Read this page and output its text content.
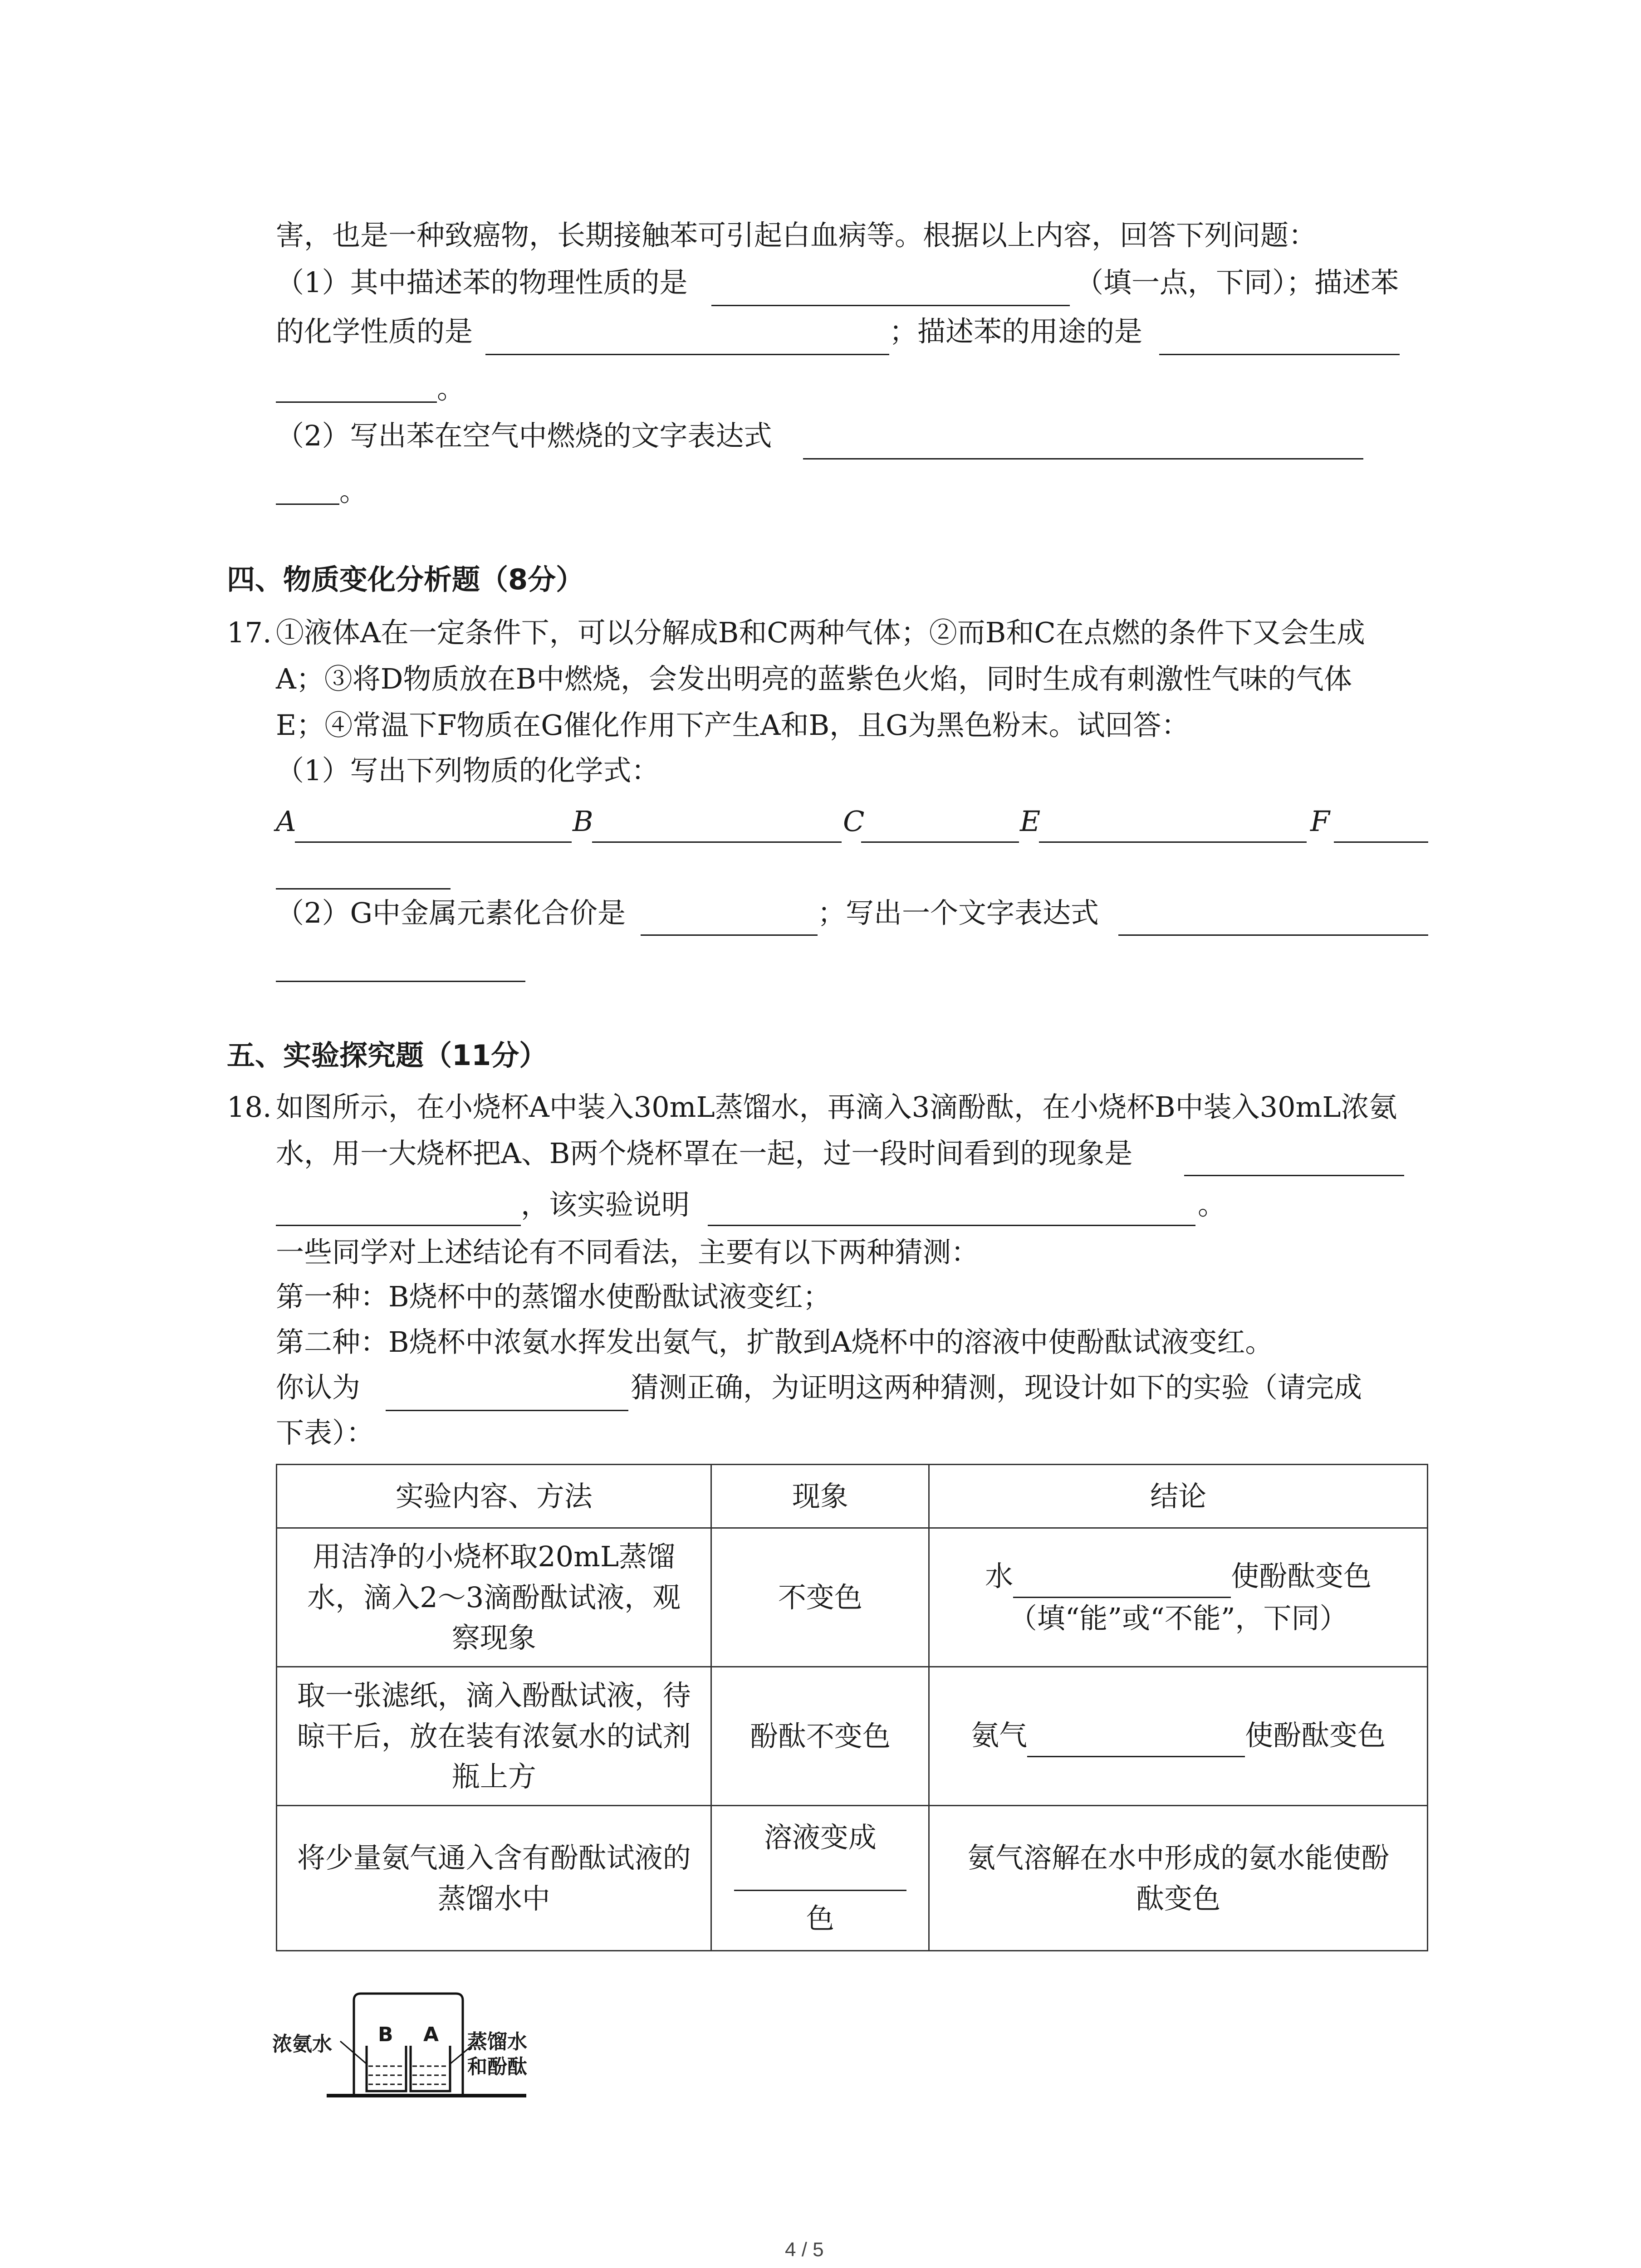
害，也是一种致癌物，长期接触苯可引起白血病等。根据以上内容，回答下列问题：
（1）其中描述苯的物理性质的是	（填一点，下同）；描述苯
的化学性质的是	；描述苯的用途的是
。
（2）写出苯在空气中燃烧的文字表达式
。
四、物质变化分析题（8分）
17. ①液体A在一定条件下，可以分解成B和C两种气体；②而B和C在点燃的条件下又会生成
A；③将D物质放在B中燃烧，会发出明亮的蓝紫色火焰，同时生成有刺激性气味的气体
E；④常温下F物质在G催化作用下产生A和B，且G为黑色粉末。试回答：
（1）写出下列物质的化学式：
A	B	C	E	F
（2）G中金属元素化合价是	；写出一个文字表达式
五、实验探究题（11分）
18. 如图所示，在小烧杯A中装入30mL蒸馏水，再滴入3滴酚酞，在小烧杯B中装入30mL浓氨
水，用一大烧杯把A、B两个烧杯罩在一起，过一段时间看到的现象是
，该实验说明	。
一些同学对上述结论有不同看法，主要有以下两种猜测：
第一种：B烧杯中的蒸馏水使酚酞试液变红；
第二种：B烧杯中浓氨水挥发出氨气，扩散到A烧杯中的溶液中使酚酞试液变红。
你认为	猜测正确，为证明这两种猜测，现设计如下的实验（请完成
下表）：
实验内容、方法	现象	结论
用洁净的小烧杯取20mL蒸馏水，滴入2～3滴酚酞试液，观察现象	不变色	水 使酚酞变色
（填“能”或“不能”，下同）
取一张滤纸，滴入酚酞试液，待晾干后，放在装有浓氨水的试剂瓶上方	酚酞不变色	氨气 使酚酞变色
将少量氨气通入含有酚酞试液的蒸馏水中	溶液变成

色	氨气溶解在水中形成的氨水能使酚酞变色
浓氨水 B A 蒸馏水
和酚酞
4 / 5
